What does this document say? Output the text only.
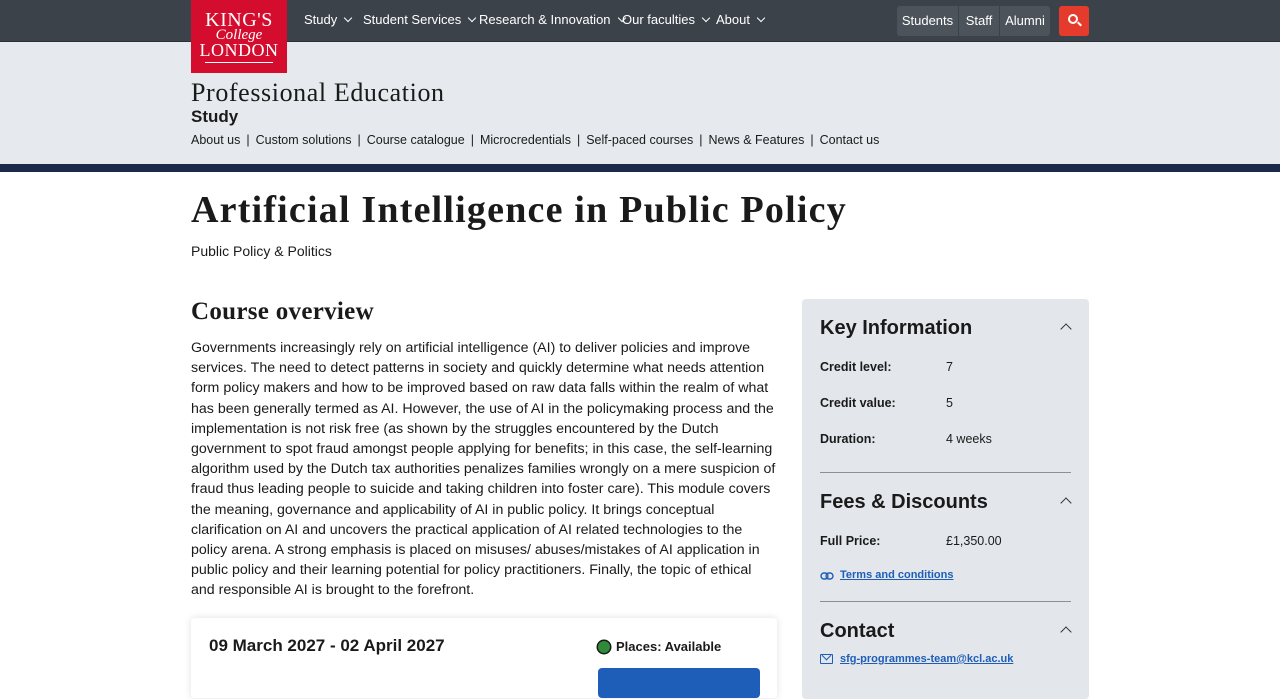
Study	Student Services	Research & Innovation Our faculties	About	Students Staff Alumni
KING'S
College
LONDON
Professional Education
Study
About us | Custom solutions | Course catalogue | Microcredentials | Self-paced courses | News & Features | Contact us
Artificial Intelligence in Public Policy
Public Policy & Politics
Course overview

Governments increasingly rely on artificial intelligence (AI) to deliver policies and improve services. The need to detect patterns in society and quickly determine what needs attention form policy makers and how to be improved based on raw data falls within the realm of what has been generally termed as AI. However, the use of AI in the policymaking process and the implementation is not risk free (as shown by the struggles encountered by the Dutch government to spot fraud amongst people applying for benefits; in this case, the self-learning algorithm used by the Dutch tax authorities penalizes families wrongly on a mere suspicion of fraud thus leading people to suicide and taking children into foster care). This module covers the meaning, governance and applicability of AI in public policy. It brings conceptual clarification on AI and uncovers the practical application of AI related technologies to the policy arena. A strong emphasis is placed on misuses/ abuses/mistakes of AI application in public policy and their learning potential for policy practitioners. Finally, the topic of ethical and responsible AI is brought to the forefront.

09 March 2027 - 02 April 2027	Places: Available
Key Information
Credit level:	7
Credit value:	5
Duration:	4 weeks
Fees & Discounts
Full Price:	£1,350.00
Terms and conditions
Contact
sfg-programmes-team@kcl.ac.uk
